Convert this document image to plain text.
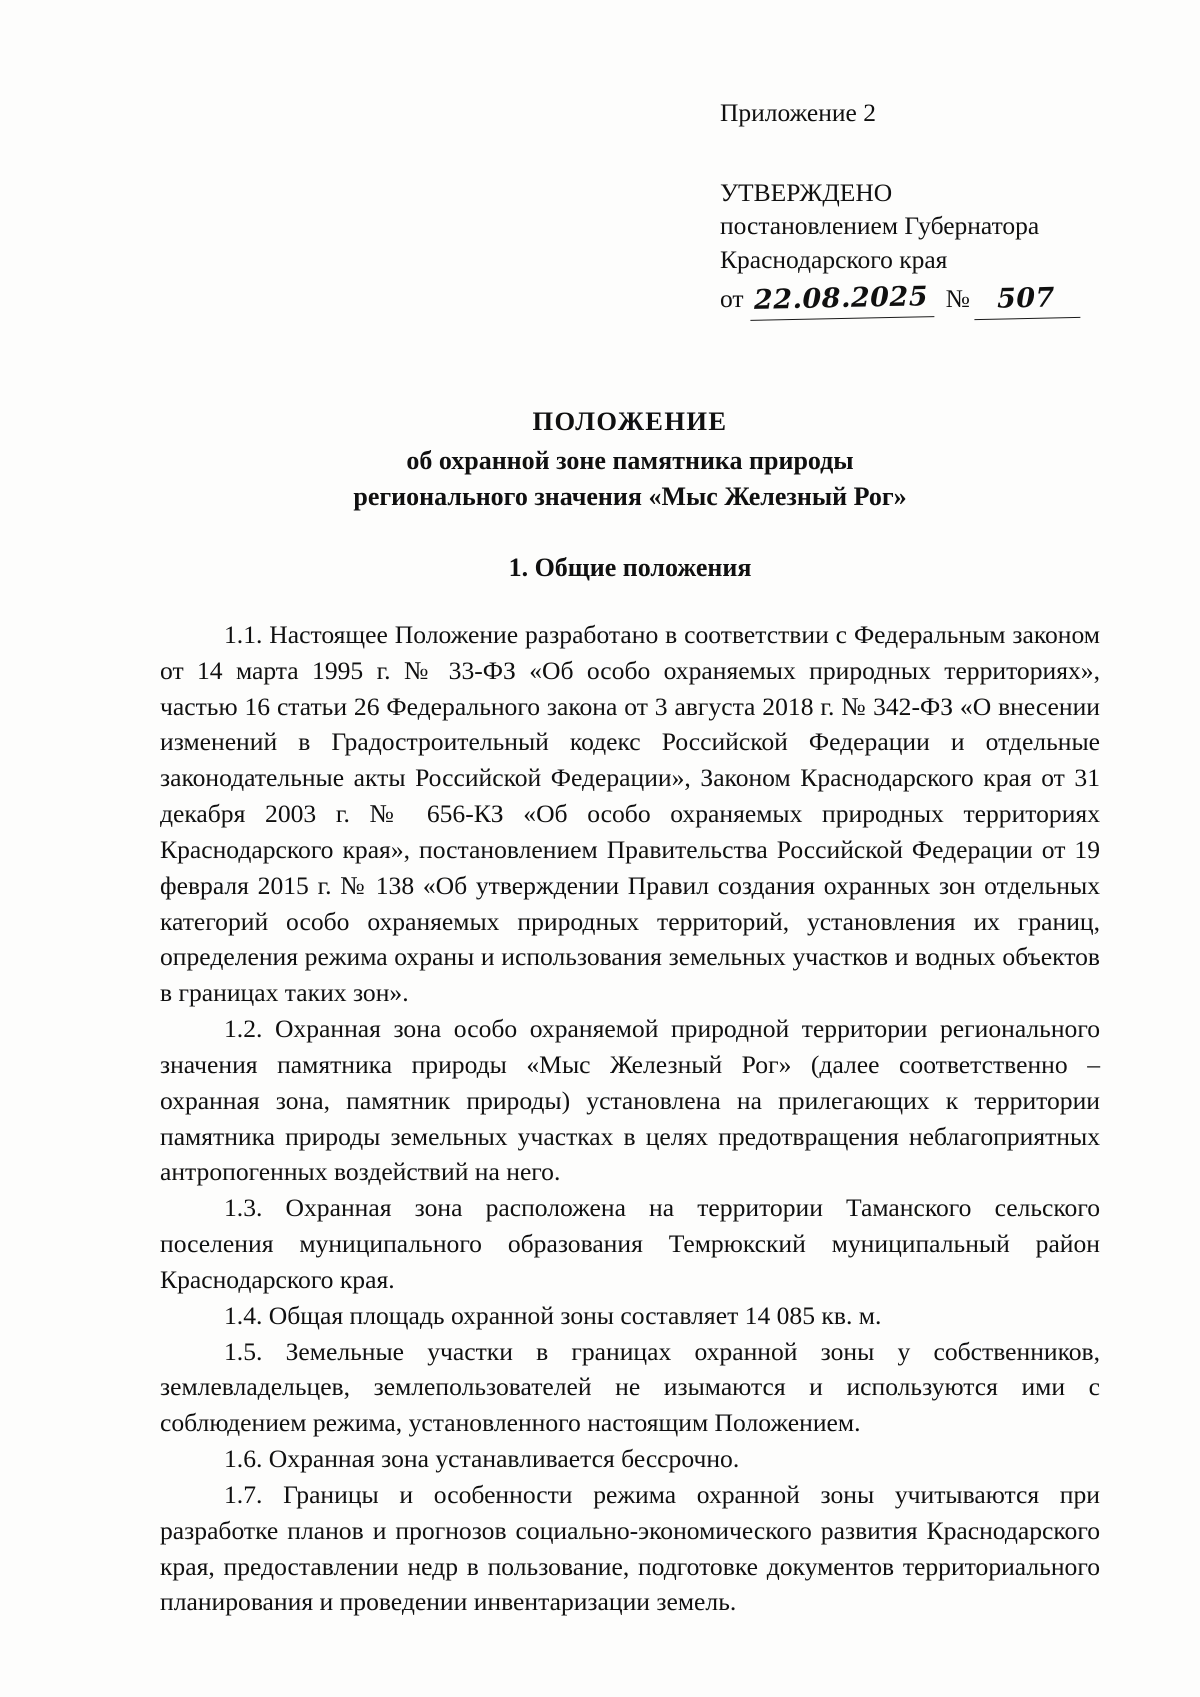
Приложение 2
УТВЕРЖДЕНО
постановлением Губернатора
Краснодарского края
от 22.08.2025 № 507
ПОЛОЖЕНИЕ
об охранной зоне памятника природы
регионального значения «Мыс Железный Рог»
1. Общие положения

1.1. Настоящее Положение разработано в соответствии с Федеральным законом от 14 марта 1995 г. № 33-ФЗ «Об особо охраняемых природных территориях», частью 16 статьи 26 Федерального закона от 3 августа 2018 г. № 342-ФЗ «О внесении изменений в Градостроительный кодекс Российской Федерации и отдельные законодательные акты Российской Федерации», Законом Краснодарского края от 31 декабря 2003 г. № 656-КЗ «Об особо охраняемых природных территориях Краснодарского края», постановлением Правительства Российской Федерации от 19 февраля 2015 г. № 138 «Об утверждении Правил создания охранных зон отдельных категорий особо охраняемых природных территорий, установления их границ, определения режима охраны и использования земельных участков и водных объектов в границах таких зон».

1.2. Охранная зона особо охраняемой природной территории регионального значения памятника природы «Мыс Железный Рог» (далее соответственно – охранная зона, памятник природы) установлена на прилегающих к территории памятника природы земельных участках в целях предотвращения неблагоприятных антропогенных воздействий на него.

1.3. Охранная зона расположена на территории Таманского сельского поселения муниципального образования Темрюкский муниципальный район Краснодарского края.

1.4. Общая площадь охранной зоны составляет 14 085 кв. м.

1.5. Земельные участки в границах охранной зоны у собственников, землевладельцев, землепользователей не изымаются и используются ими с соблюдением режима, установленного настоящим Положением.

1.6. Охранная зона устанавливается бессрочно.

1.7. Границы и особенности режима охранной зоны учитываются при разработке планов и прогнозов социально-экономического развития Краснодарского края, предоставлении недр в пользование, подготовке документов территориального планирования и проведении инвентаризации земель.
